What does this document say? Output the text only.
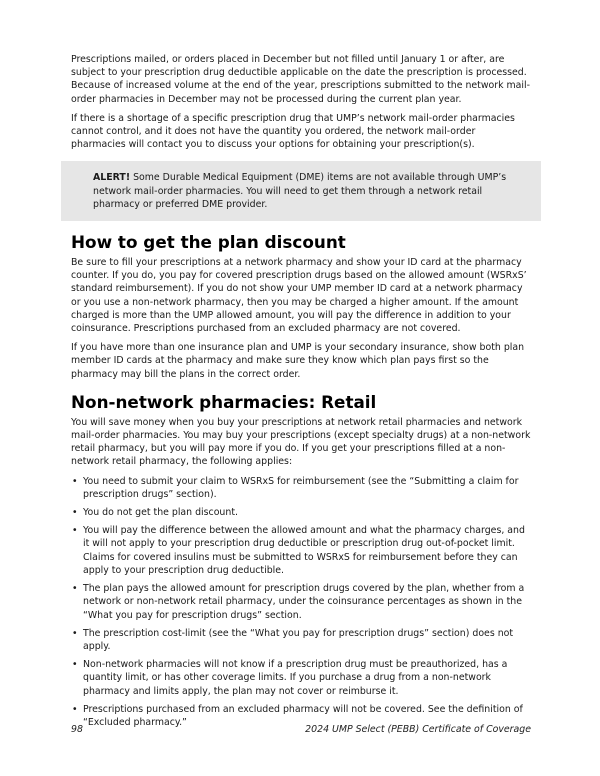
Prescriptions mailed, or orders placed in December but not filled until January 1 or after, are subject to your prescription drug deductible applicable on the date the prescription is processed. Because of increased volume at the end of the year, prescriptions submitted to the network mail-order pharmacies in December may not be processed during the current plan year.

If there is a shortage of a specific prescription drug that UMP’s network mail-order pharmacies cannot control, and it does not have the quantity you ordered, the network mail-order pharmacies will contact you to discuss your options for obtaining your prescription(s).

ALERT! Some Durable Medical Equipment (DME) items are not available through UMP’s network mail-order pharmacies. You will need to get them through a network retail pharmacy or preferred DME provider.

How to get the plan discount

Be sure to fill your prescriptions at a network pharmacy and show your ID card at the pharmacy counter. If you do, you pay for covered prescription drugs based on the allowed amount (WSRxS’ standard reimbursement). If you do not show your UMP member ID card at a network pharmacy or you use a non-network pharmacy, then you may be charged a higher amount. If the amount charged is more than the UMP allowed amount, you will pay the difference in addition to your coinsurance. Prescriptions purchased from an excluded pharmacy are not covered.

If you have more than one insurance plan and UMP is your secondary insurance, show both plan member ID cards at the pharmacy and make sure they know which plan pays first so the pharmacy may bill the plans in the correct order.

Non-network pharmacies: Retail

You will save money when you buy your prescriptions at network retail pharmacies and network mail-order pharmacies. You may buy your prescriptions (except specialty drugs) at a non-network retail pharmacy, but you will pay more if you do. If you get your prescriptions filled at a non-network retail pharmacy, the following applies:

• You need to submit your claim to WSRxS for reimbursement (see the “Submitting a claim for prescription drugs” section).
• You do not get the plan discount.
• You will pay the difference between the allowed amount and what the pharmacy charges, and it will not apply to your prescription drug deductible or prescription drug out-of-pocket limit. Claims for covered insulins must be submitted to WSRxS for reimbursement before they can apply to your prescription drug deductible.
• The plan pays the allowed amount for prescription drugs covered by the plan, whether from a network or non-network retail pharmacy, under the coinsurance percentages as shown in the “What you pay for prescription drugs” section.
• The prescription cost-limit (see the “What you pay for prescription drugs” section) does not apply.
• Non-network pharmacies will not know if a prescription drug must be preauthorized, has a quantity limit, or has other coverage limits. If you purchase a drug from a non-network pharmacy and limits apply, the plan may not cover or reimburse it.
• Prescriptions purchased from an excluded pharmacy will not be covered. See the definition of “Excluded pharmacy.”
98	2024 UMP Select (PEBB) Certificate of Coverage
